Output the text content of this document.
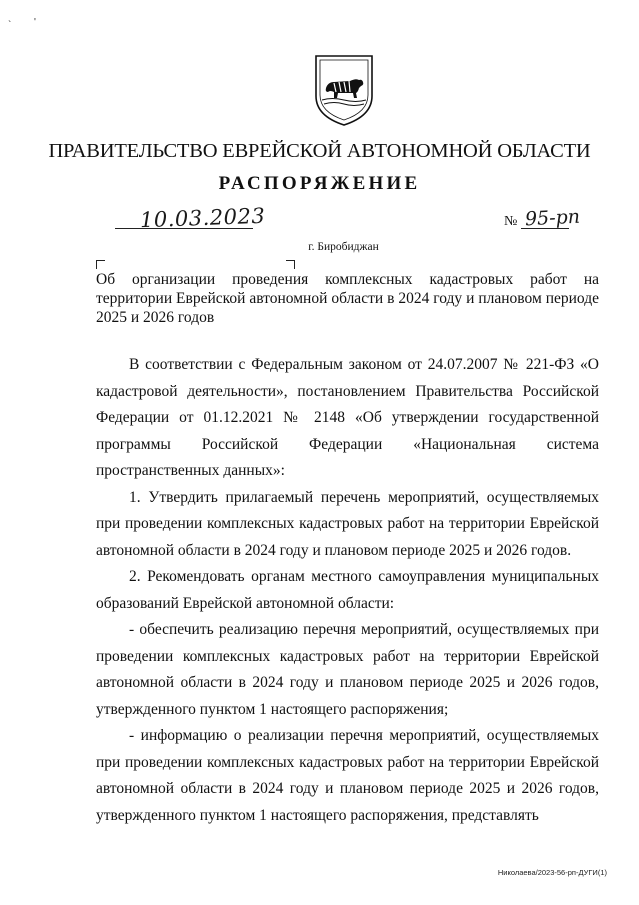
` '
ПРАВИТЕЛЬСТВО ЕВРЕЙСКОЙ АВТОНОМНОЙ ОБЛАСТИ
РАСПОРЯЖЕНИЕ
10.03.2023	№ 95-рп
г. Биробиджан
Об организации проведения комплексных кадастровых работ на территории Еврейской автономной области в 2024 году и плановом периоде 2025 и 2026 годов

В соответствии с Федеральным законом от 24.07.2007 № 221-ФЗ «О кадастровой деятельности», постановлением Правительства Российской Федерации от 01.12.2021 № 2148 «Об утверждении государственной программы Российской Федерации «Национальная система пространственных данных»:

1. Утвердить прилагаемый перечень мероприятий, осуществляемых при проведении комплексных кадастровых работ на территории Еврейской автономной области в 2024 году и плановом периоде 2025 и 2026 годов.

2. Рекомендовать органам местного самоуправления муниципальных образований Еврейской автономной области:

- обеспечить реализацию перечня мероприятий, осуществляемых при проведении комплексных кадастровых работ на территории Еврейской автономной области в 2024 году и плановом периоде 2025 и 2026 годов, утвержденного пунктом 1 настоящего распоряжения;

- информацию о реализации перечня мероприятий, осуществляемых при проведении комплексных кадастровых работ на территории Еврейской автономной области в 2024 году и плановом периоде 2025 и 2026 годов, утвержденного пунктом 1 настоящего распоряжения, представлять

Николаева/2023-56-рп-ДУГИ(1)
